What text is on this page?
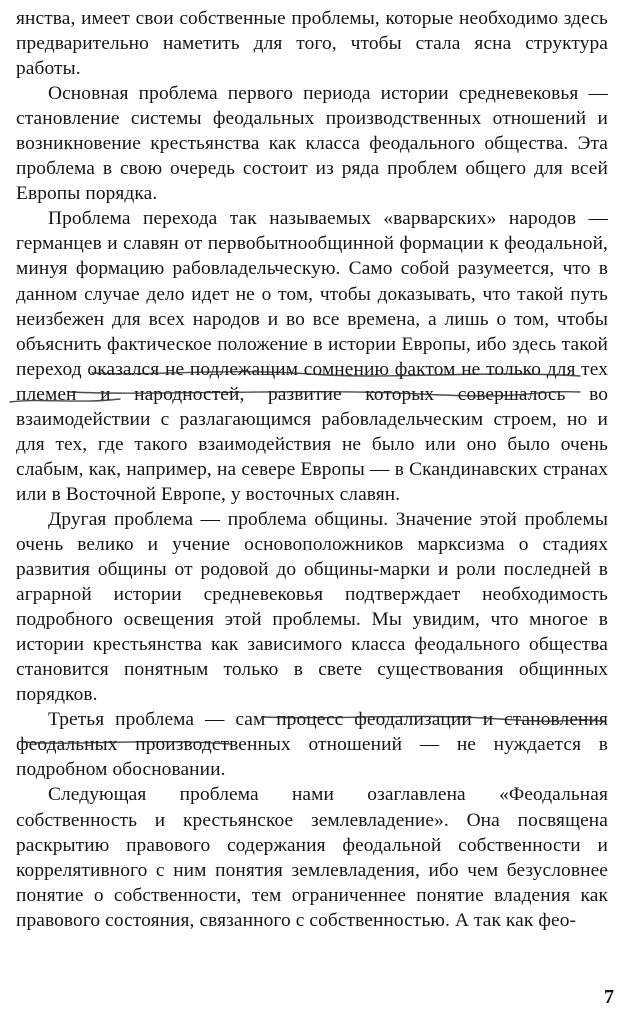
янства, имеет свои собственные проблемы, которые необходимо здесь предварительно наметить для того, чтобы стала ясна структура работы.

Основная проблема первого периода истории средневековья — становление системы феодальных производственных отношений и возникновение крестьянства как класса феодального общества. Эта проблема в свою очередь состоит из ряда проблем общего для всей Европы порядка.

Проблема перехода так называемых «варварских» народов — германцев и славян от первобытнообщинной формации к феодальной, минуя формацию рабовладельческую. Само собой разумеется, что в данном случае дело идет не о том, чтобы доказывать, что такой путь неизбежен для всех народов и во все времена, а лишь о том, чтобы объяснить фактическое положение в истории Европы, ибо здесь такой переход оказался не подлежащим сомнению фактом не только для тех племен и народностей, развитие которых совершалось во взаимодействии с разлагающимся рабовладельческим строем, но и для тех, где такого взаимодействия не было или оно было очень слабым, как, например, на севере Европы — в Скандинавских странах или в Восточной Европе, у восточных славян.

Другая проблема — проблема общины. Значение этой проблемы очень велико и учение основоположников марксизма о стадиях развития общины от родовой до общины-марки и роли последней в аграрной истории средневековья подтверждает необходимость подробного освещения этой проблемы. Мы увидим, что многое в истории крестьянства как зависимого класса феодального общества становится понятным только в свете существования общинных порядков.

Третья проблема — сам процесс феодализации и становления феодальных производственных отношений — не нуждается в подробном обосновании.

Следующая проблема нами озаглавлена «Феодальная собственность и крестьянское землевладение». Она посвящена раскрытию правового содержания феодальной собственности и коррелятивного с ним понятия землевладения, ибо чем безусловнее понятие о собственности, тем ограниченнее понятие владения как правового состояния, связанного с собственностью. А так как фео-

7
